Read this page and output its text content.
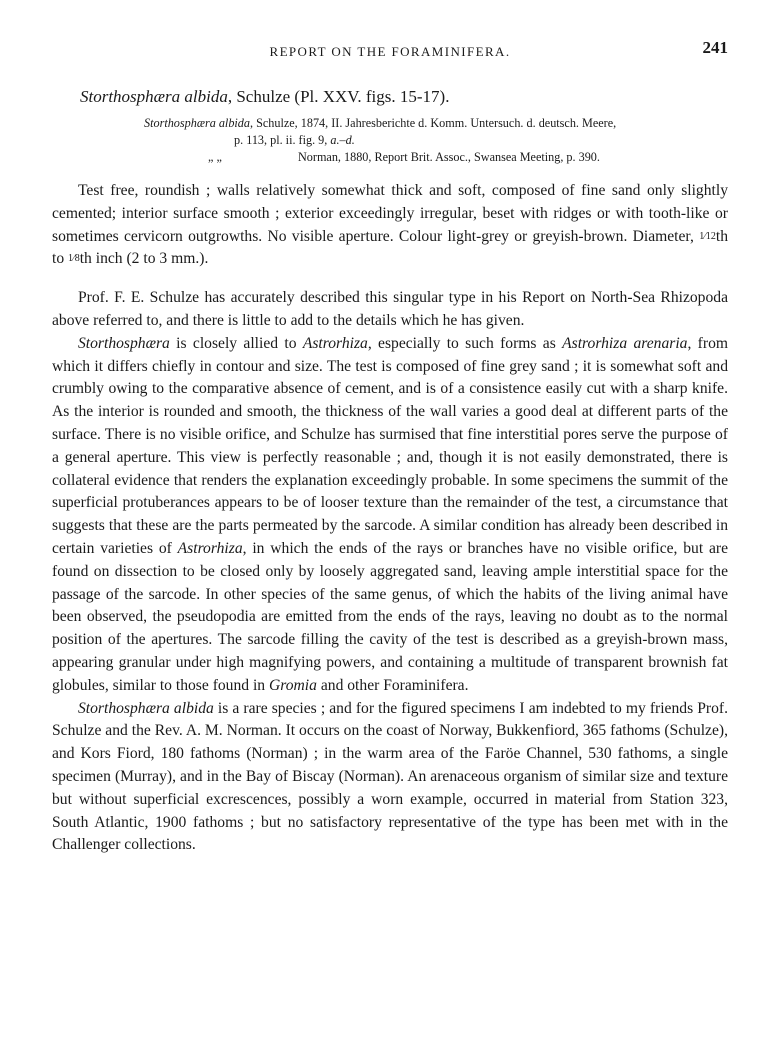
REPORT ON THE FORAMINIFERA.	241
Storthosphæra albida, Schulze (Pl. XXV. figs. 15-17).
Storthosphæra albida, Schulze, 1874, II. Jahresberichte d. Komm. Untersuch. d. deutsch. Meere,
p. 113, pl. ii. fig. 9, a.–d.
„ „	Norman, 1880, Report Brit. Assoc., Swansea Meeting, p. 390.

Test free, roundish ; walls relatively somewhat thick and soft, composed of fine sand only slightly cemented; interior surface smooth ; exterior exceedingly irregular, beset with ridges or with tooth-like or sometimes cervicorn outgrowths. No visible aperture. Colour light-grey or greyish-brown. Diameter, 1⁄12th to 1⁄8th inch (2 to 3 mm.).

Prof. F. E. Schulze has accurately described this singular type in his Report on North-Sea Rhizopoda above referred to, and there is little to add to the details which he has given.

Storthosphæra is closely allied to Astrorhiza, especially to such forms as Astrorhiza arenaria, from which it differs chiefly in contour and size. The test is composed of fine grey sand ; it is somewhat soft and crumbly owing to the comparative absence of cement, and is of a consistence easily cut with a sharp knife. As the interior is rounded and smooth, the thickness of the wall varies a good deal at different parts of the surface. There is no visible orifice, and Schulze has surmised that fine interstitial pores serve the purpose of a general aperture. This view is perfectly reasonable ; and, though it is not easily demonstrated, there is collateral evidence that renders the explanation exceedingly probable. In some specimens the summit of the superficial protuberances appears to be of looser texture than the remainder of the test, a circumstance that suggests that these are the parts permeated by the sarcode. A similar condition has already been described in certain varieties of Astrorhiza, in which the ends of the rays or branches have no visible orifice, but are found on dissection to be closed only by loosely aggregated sand, leaving ample interstitial space for the passage of the sarcode. In other species of the same genus, of which the habits of the living animal have been observed, the pseudopodia are emitted from the ends of the rays, leaving no doubt as to the normal position of the apertures. The sarcode filling the cavity of the test is described as a greyish-brown mass, appearing granular under high magnifying powers, and containing a multitude of transparent brownish fat globules, similar to those found in Gromia and other Foraminifera.

Storthosphæra albida is a rare species ; and for the figured specimens I am indebted to my friends Prof. Schulze and the Rev. A. M. Norman. It occurs on the coast of Norway, Bukkenfiord, 365 fathoms (Schulze), and Kors Fiord, 180 fathoms (Norman) ; in the warm area of the Faröe Channel, 530 fathoms, a single specimen (Murray), and in the Bay of Biscay (Norman). An arenaceous organism of similar size and texture but without superficial excrescences, possibly a worn example, occurred in material from Station 323, South Atlantic, 1900 fathoms ; but no satisfactory representative of the type has been met with in the Challenger collections.
